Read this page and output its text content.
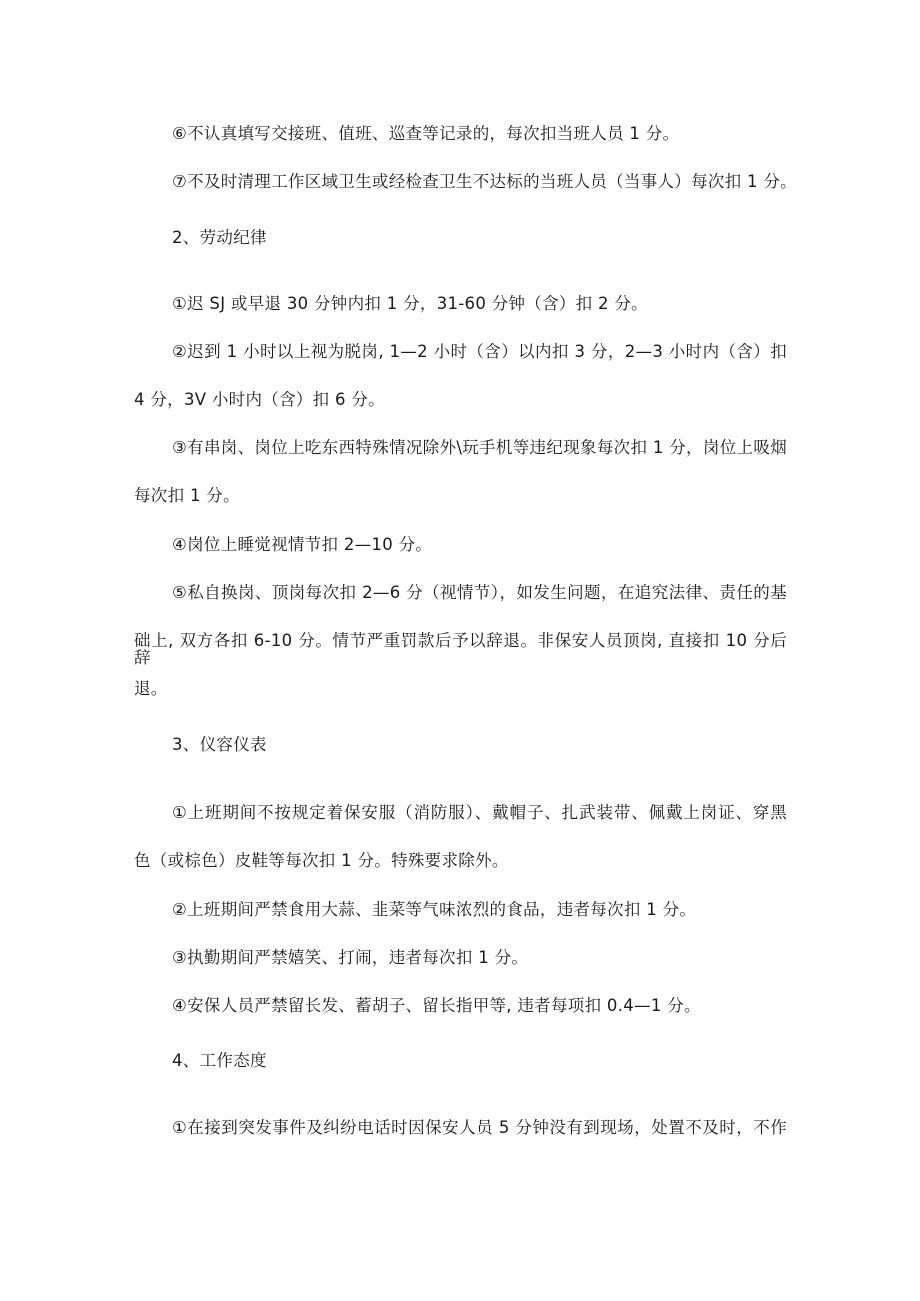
⑥不认真填写交接班、值班、巡查等记录的，每次扣当班人员 1 分。
⑦不及时清理工作区域卫生或经检查卫生不达标的当班人员（当事人）每次扣 1 分。
2、劳动纪律
①迟 SJ 或早退 30 分钟内扣 1 分，31-60 分钟（含）扣 2 分。
②迟到 1 小时以上视为脱岗, 1—2 小时（含）以内扣 3 分，2—3 小时内（含）扣
4 分，3V 小时内（含）扣 6 分。
③有串岗、岗位上吃东西特殊情况除外\玩手机等违纪现象每次扣 1 分，岗位上吸烟
每次扣 1 分。
④岗位上睡觉视情节扣 2—10 分。
⑤私自换岗、顶岗每次扣 2—6 分（视情节），如发生问题，在追究法律、责任的基
础上, 双方各扣 6-10 分。情节严重罚款后予以辞退。非保安人员顶岗, 直接扣 10 分后辞
退。
3、仪容仪表
①上班期间不按规定着保安服（消防服）、戴帽子、扎武装带、佩戴上岗证、穿黑
色（或棕色）皮鞋等每次扣 1 分。特殊要求除外。
②上班期间严禁食用大蒜、韭菜等气味浓烈的食品，违者每次扣 1 分。
③执勤期间严禁嬉笑、打闹，违者每次扣 1 分。
④安保人员严禁留长发、蓄胡子、留长指甲等, 违者每项扣 0.4—1 分。
4、工作态度
①在接到突发事件及纠纷电话时因保安人员 5 分钟没有到现场，处置不及时，不作
